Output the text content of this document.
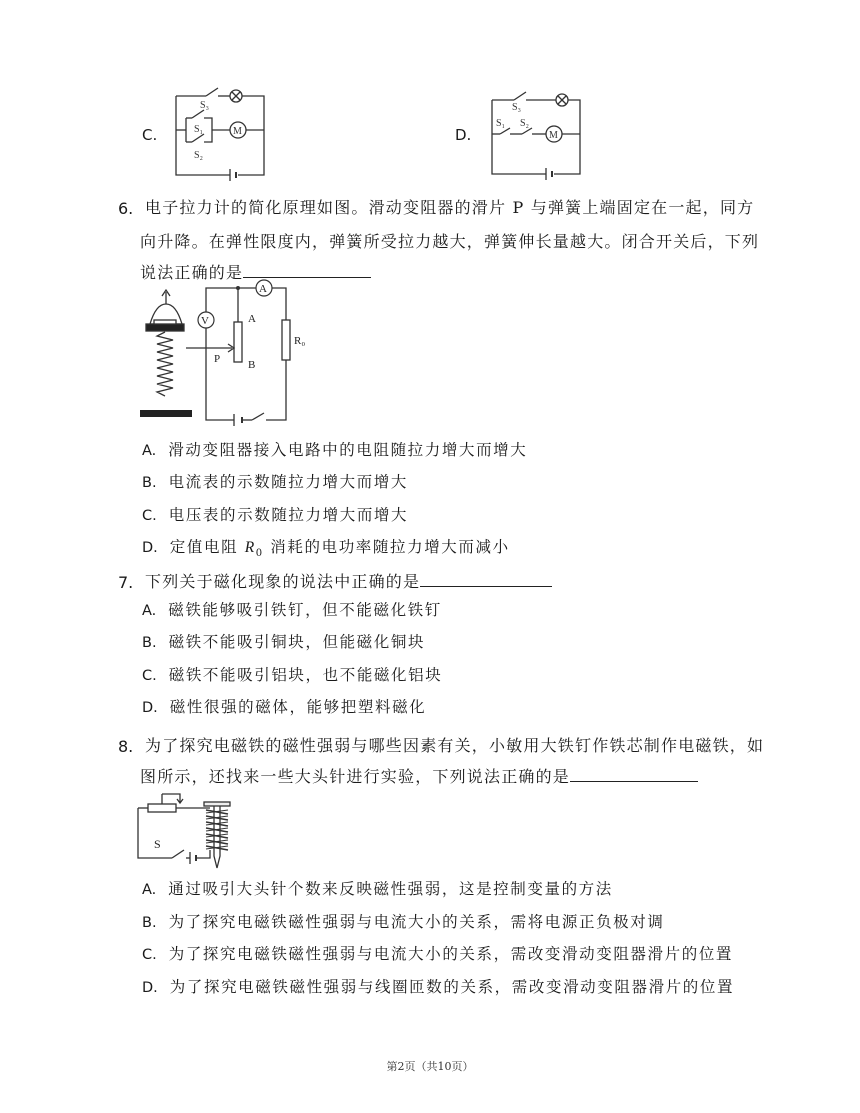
C.	D.
S₃
S₁
S₂
M
S₃
S₁ S₂
M
6. 电子拉力计的简化原理如图。滑动变阻器的滑片 P 与弹簧上端固定在一起，同方
向升降。在弹性限度内，弹簧所受拉力越大，弹簧伸长量越大。闭合开关后，下列
说法正确的是
V
A
A
B
P
R₀
A. 滑动变阻器接入电路中的电阻随拉力增大而增大
B. 电流表的示数随拉力增大而增大
C. 电压表的示数随拉力增大而增大
D. 定值电阻 $R_0$ 消耗的电功率随拉力增大而减小
7. 下列关于磁化现象的说法中正确的是
A. 磁铁能够吸引铁钉，但不能磁化铁钉
B. 磁铁不能吸引铜块，但能磁化铜块
C. 磁铁不能吸引铝块，也不能磁化铝块
D. 磁性很强的磁体，能够把塑料磁化
8. 为了探究电磁铁的磁性强弱与哪些因素有关，小敏用大铁钉作铁芯制作电磁铁，如
图所示，还找来一些大头针进行实验，下列说法正确的是
S
A. 通过吸引大头针个数来反映磁性强弱，这是控制变量的方法
B. 为了探究电磁铁磁性强弱与电流大小的关系，需将电源正负极对调
C. 为了探究电磁铁磁性强弱与电流大小的关系，需改变滑动变阻器滑片的位置
D. 为了探究电磁铁磁性强弱与线圈匝数的关系，需改变滑动变阻器滑片的位置
第2页（共10页）
